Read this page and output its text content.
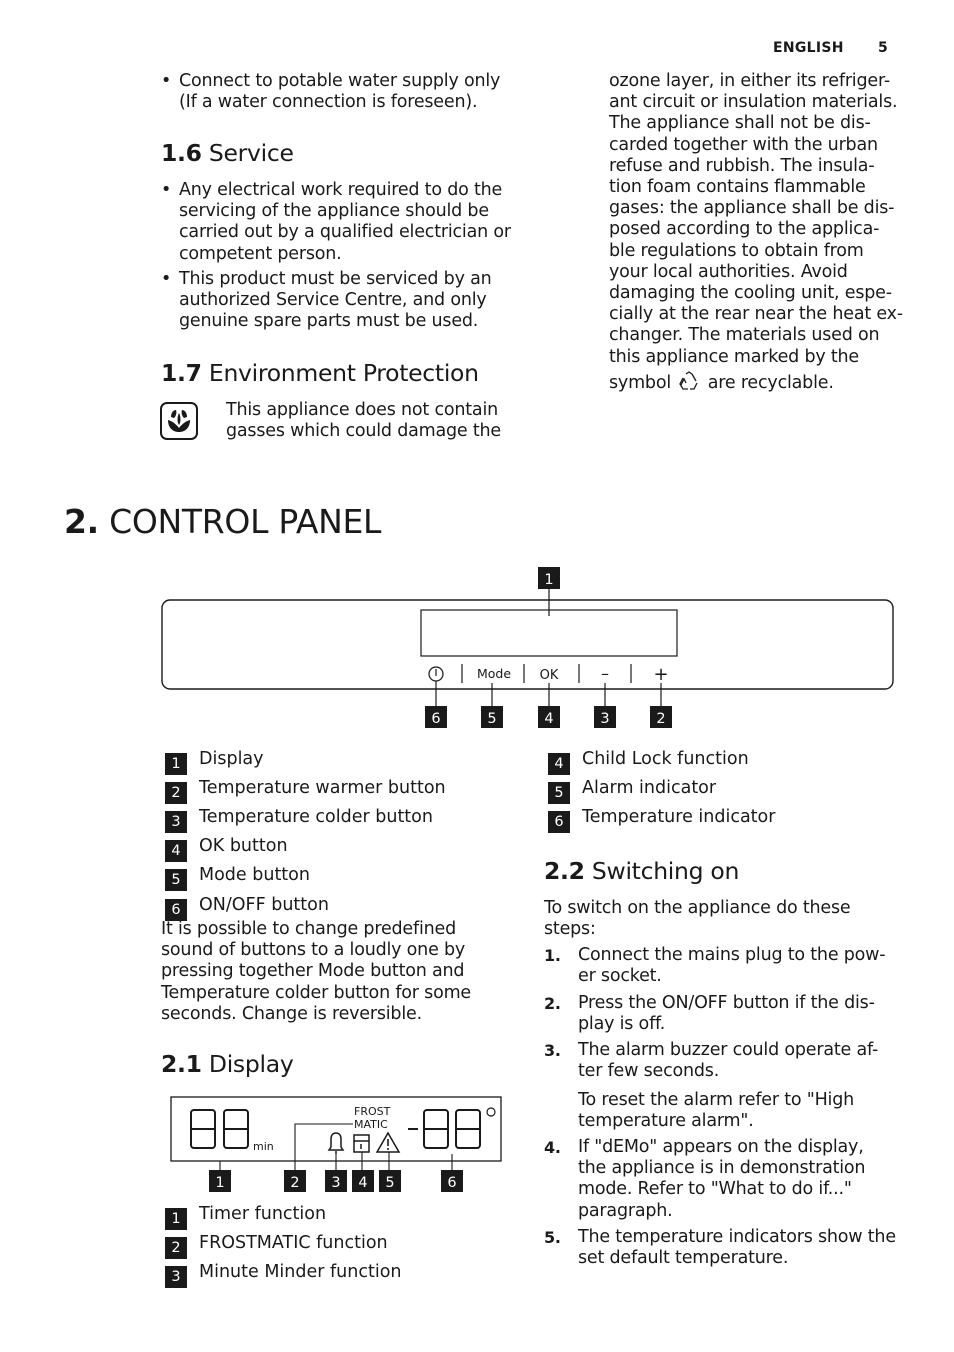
ENGLISH 5
• Connect to potable water supply only (If a water connection is foreseen).
1.6 Service
• Any electrical work required to do the servicing of the appliance should be carried out by a qualified electrician or competent person.
• This product must be serviced by an authorized Service Centre, and only genuine spare parts must be used.
1.7 Environment Protection
This appliance does not contain gasses which could damage the
ozone layer, in either its refriger-
ant circuit or insulation materials.
The appliance shall not be dis-
carded together with the urban
refuse and rubbish. The insula-
tion foam contains flammable
gases: the appliance shall be dis-
posed according to the applica-
ble regulations to obtain from
your local authorities. Avoid
damaging the cooling unit, espe-
cially at the rear near the heat ex-
changer. The materials used on
this appliance marked by the
symbol are recyclable.
2. CONTROL PANEL
1
Mode OK	– +
6	5	4	3	2
1	Display
2	Temperature warmer button
3	Temperature colder button
4	OK button
5	Mode button
6	ON/OFF button
It is possible to change predefined sound of buttons to a loudly one by pressing together Mode button and Temperature colder button for some seconds. Change is reversible.
4	Child Lock function
5	Alarm indicator
6	Temperature indicator
2.1 Display
min
FROST
MATIC
1	2 3 4 5	6
1	Timer function
2	FROSTMATIC function
3	Minute Minder function
2.2 Switching on
To switch on the appliance do these steps:
1. Connect the mains plug to the pow-er socket.
2. Press the ON/OFF button if the dis-play is off.
3. The alarm buzzer could operate af-ter few seconds.
To reset the alarm refer to "High temperature alarm".
4. If "dEMo" appears on the display, the appliance is in demonstration mode. Refer to "What to do if..." paragraph.
5. The temperature indicators show the set default temperature.
